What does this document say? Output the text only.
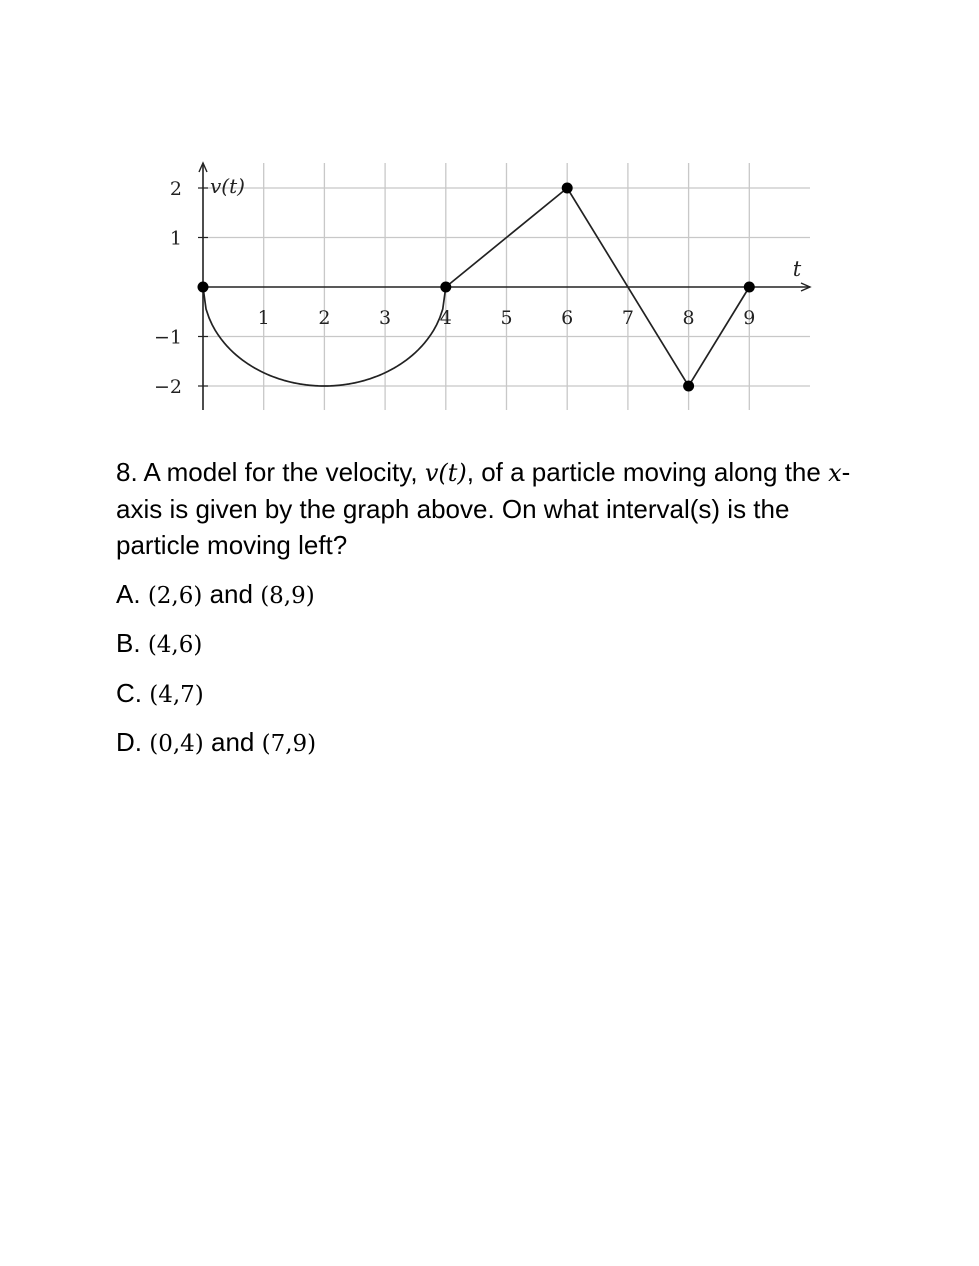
2
1
−1
−2
1	2	3	4	5	6	7	8	9
v(t)
t
8. A model for the velocity, v(t), of a particle moving along the x-axis is given by the graph above. On what interval(s) is the particle moving left?
A. (2,6) and (8,9)
B. (4,6)
C. (4,7)
D. (0,4) and (7,9)
